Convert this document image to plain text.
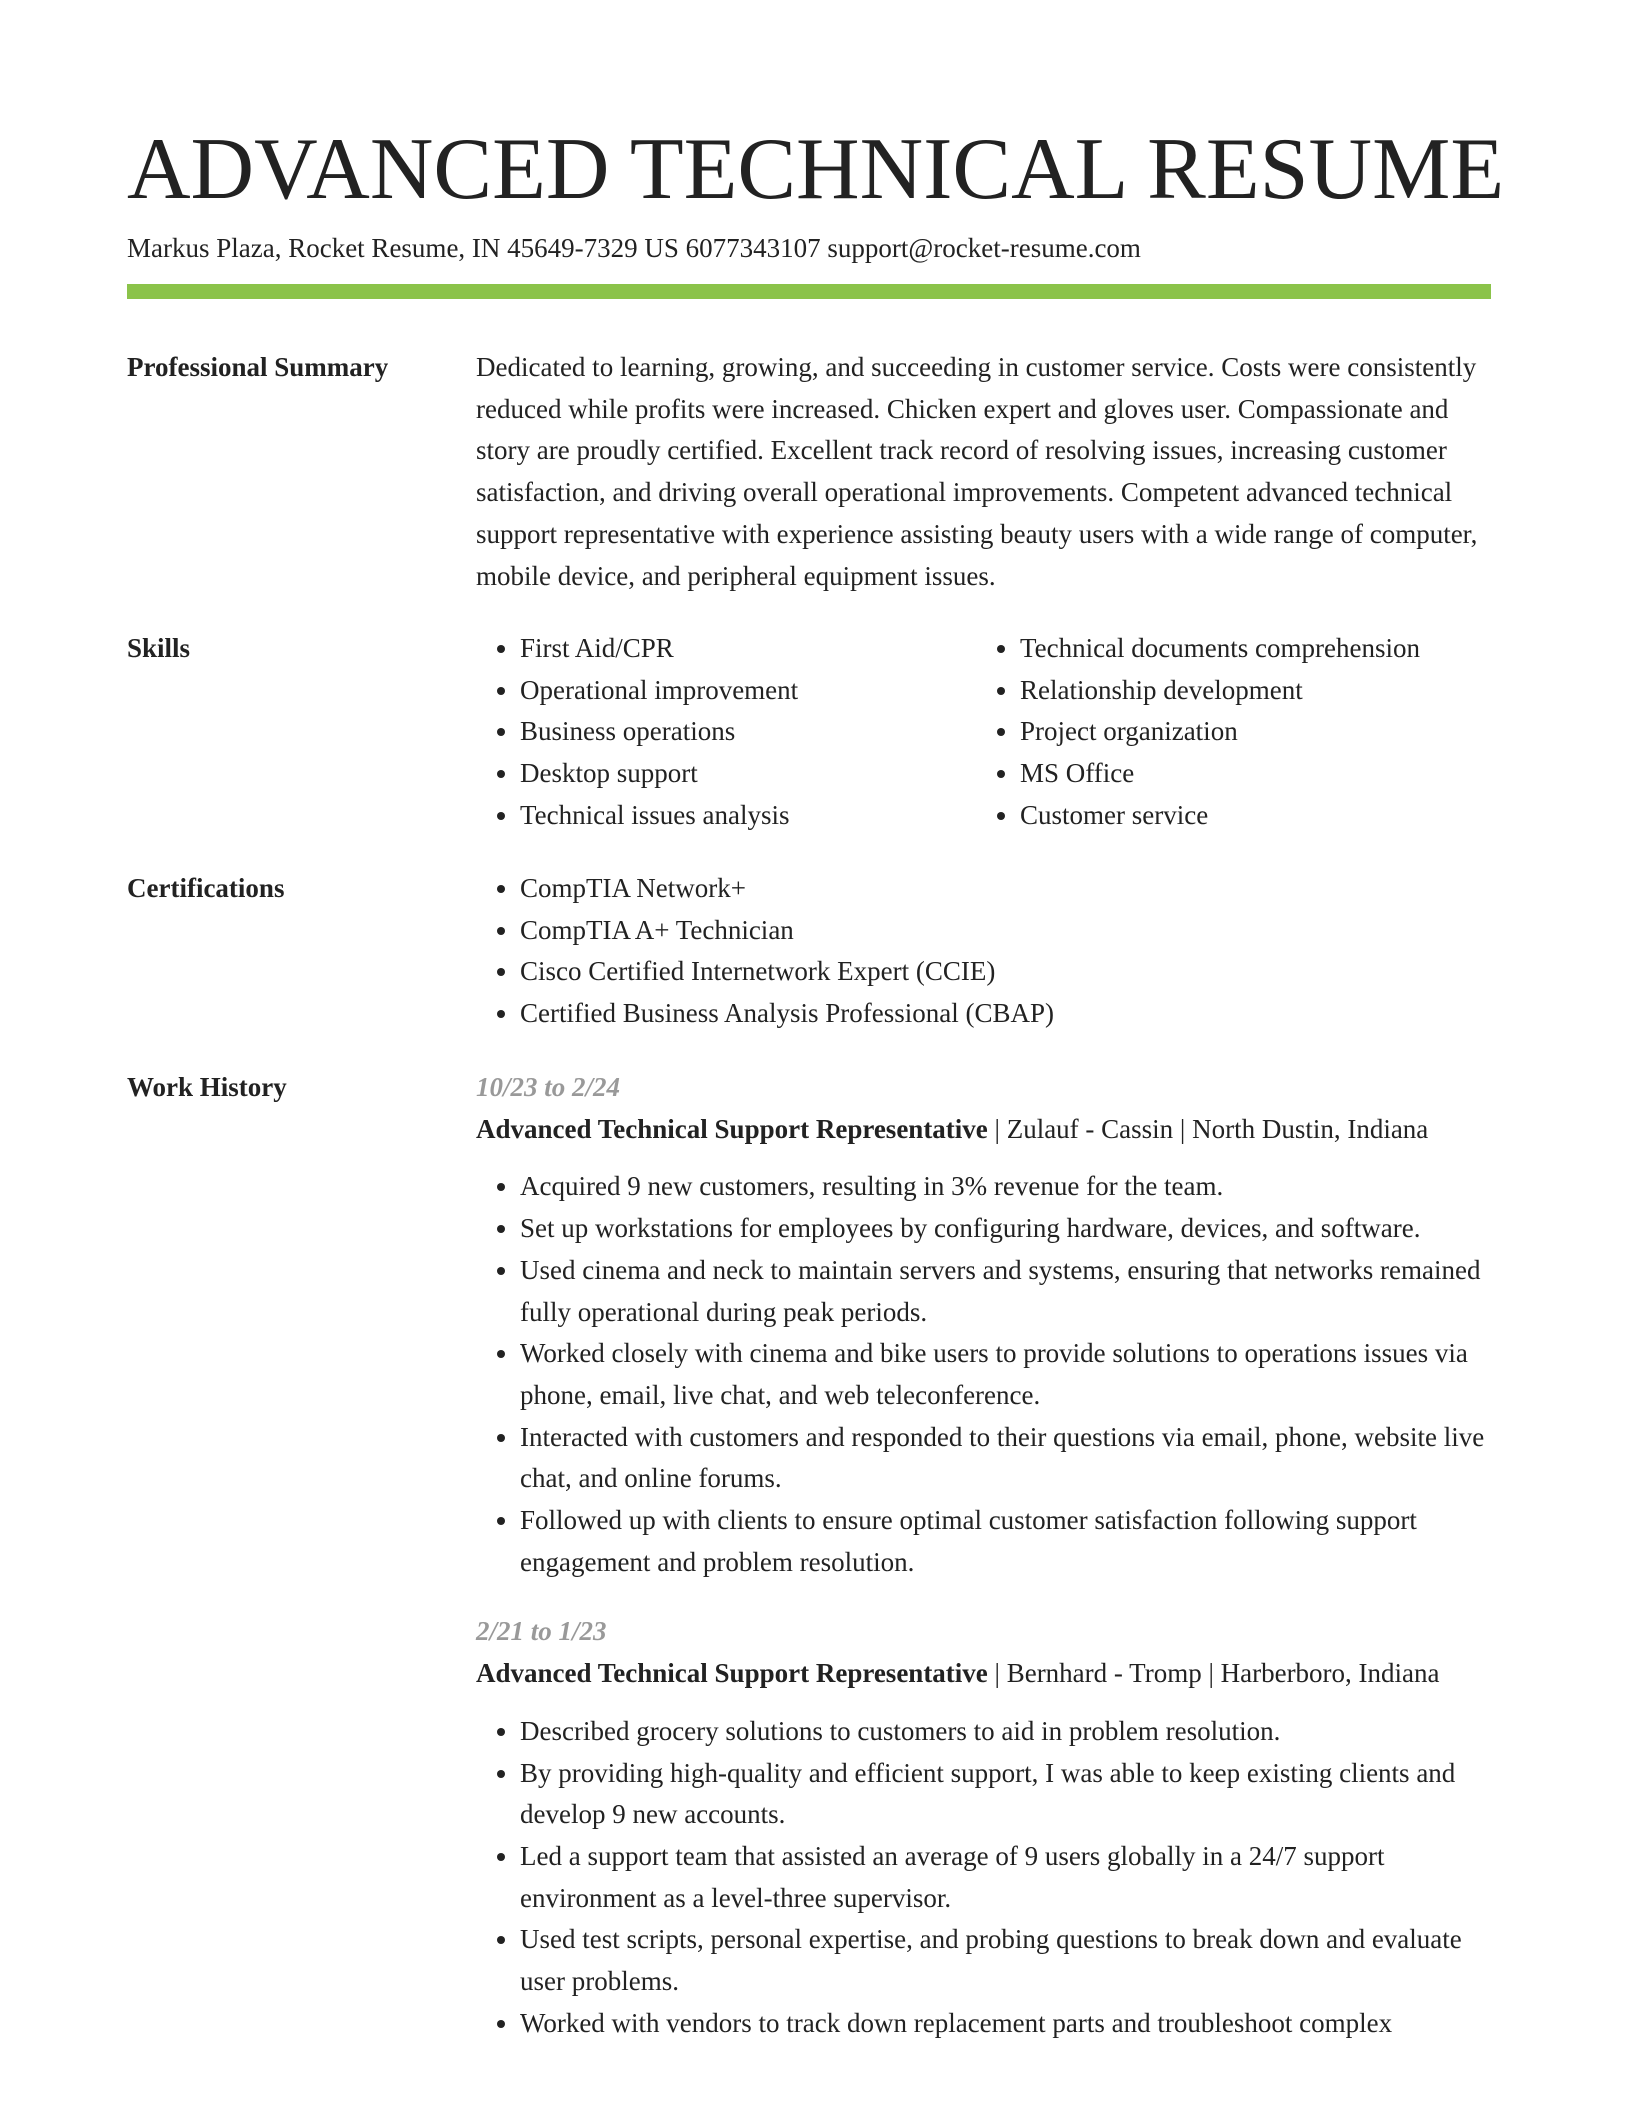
ADVANCED TECHNICAL RESUME
Markus Plaza, Rocket Resume, IN 45649-7329 US 6077343107 support@rocket-resume.com
Professional Summary	Dedicated to learning, growing, and succeeding in customer service. Costs were consistently reduced while profits were increased. Chicken expert and gloves user. Compassionate and story are proudly certified. Excellent track record of resolving issues, increasing customer satisfaction, and driving overall operational improvements. Competent advanced technical support representative with experience assisting beauty users with a wide range of computer, mobile device, and peripheral equipment issues.

Skills	• First Aid/CPR
• Operational improvement
• Business operations
• Desktop support
• Technical issues analysis
• Technical documents comprehension
• Relationship development
• Project organization
• MS Office
• Customer service
Certifications	• CompTIA Network+
• CompTIA A+ Technician
• Cisco Certified Internetwork Expert (CCIE)
• Certified Business Analysis Professional (CBAP)
Work History	10/23 to 2/24
Advanced Technical Support Representative | Zulauf - Cassin | North Dustin, Indiana
• Acquired 9 new customers, resulting in 3% revenue for the team.
• Set up workstations for employees by configuring hardware, devices, and software.
• Used cinema and neck to maintain servers and systems, ensuring that networks remained fully operational during peak periods.
• Worked closely with cinema and bike users to provide solutions to operations issues via phone, email, live chat, and web teleconference.
• Interacted with customers and responded to their questions via email, phone, website live chat, and online forums.
• Followed up with clients to ensure optimal customer satisfaction following support engagement and problem resolution.
2/21 to 1/23
Advanced Technical Support Representative | Bernhard - Tromp | Harberboro, Indiana
• Described grocery solutions to customers to aid in problem resolution.
• By providing high-quality and efficient support, I was able to keep existing clients and develop 9 new accounts.
• Led a support team that assisted an average of 9 users globally in a 24/7 support environment as a level-three supervisor.
• Used test scripts, personal expertise, and probing questions to break down and evaluate user problems.
• Worked with vendors to track down replacement parts and troubleshoot complex
